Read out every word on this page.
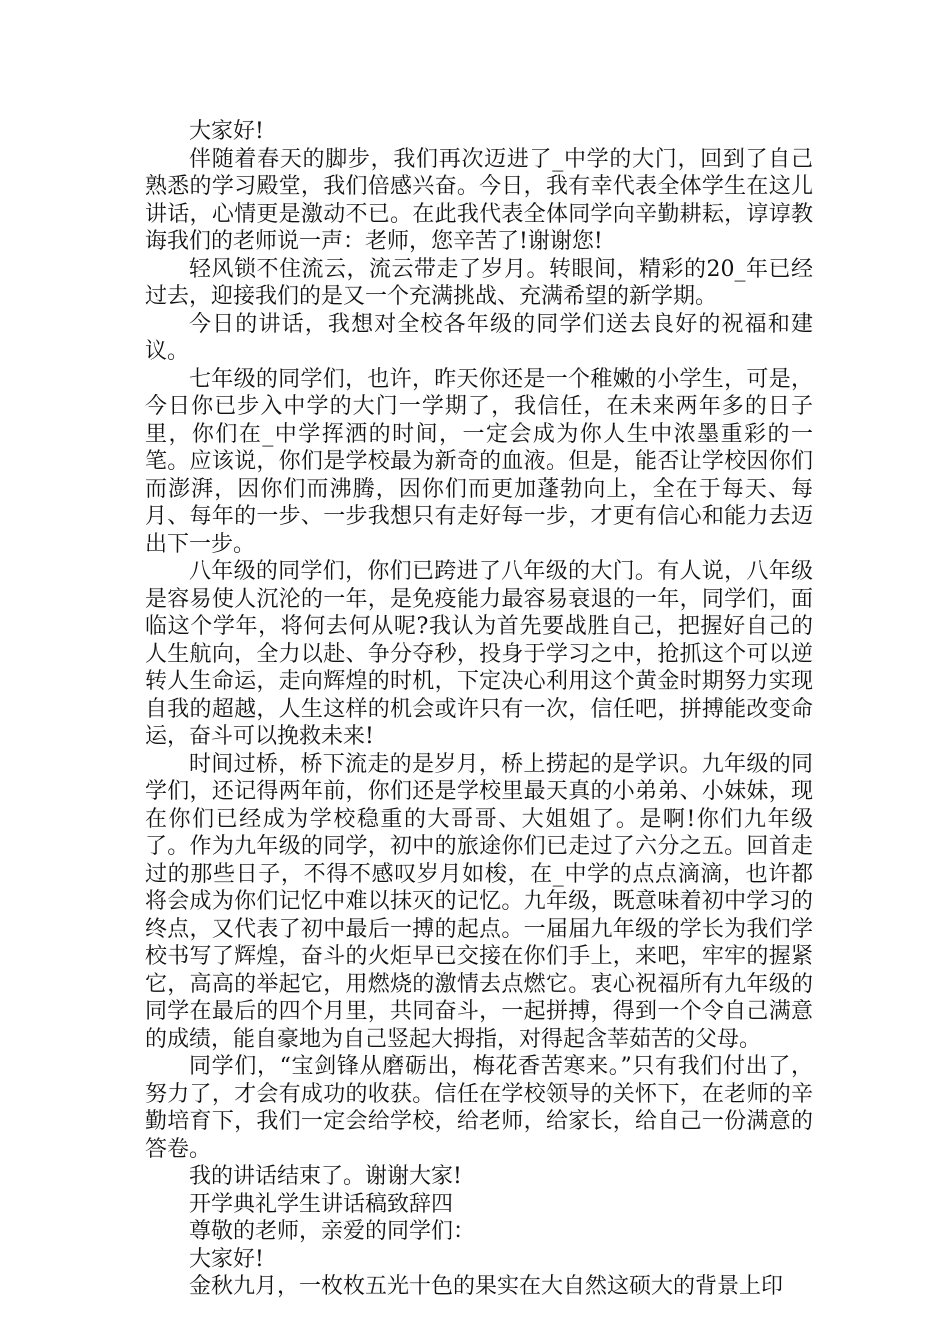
大家好!

伴随着春天的脚步，我们再次迈进了_中学的大门，回到了自己熟悉的学习殿堂，我们倍感兴奋。今日，我有幸代表全体学生在这儿讲话，心情更是激动不已。在此我代表全体同学向辛勤耕耘，谆谆教诲我们的老师说一声：老师，您辛苦了!谢谢您!

轻风锁不住流云，流云带走了岁月。转眼间，精彩的20_年已经过去，迎接我们的是又一个充满挑战、充满希望的新学期。

今日的讲话，我想对全校各年级的同学们送去良好的祝福和建议。

七年级的同学们，也许，昨天你还是一个稚嫩的小学生，可是，今日你已步入中学的大门一学期了，我信任，在未来两年多的日子里，你们在_中学挥洒的时间，一定会成为你人生中浓墨重彩的一笔。应该说，你们是学校最为新奇的血液。但是，能否让学校因你们而澎湃，因你们而沸腾，因你们而更加蓬勃向上，全在于每天、每月、每年的一步、一步我想只有走好每一步，才更有信心和能力去迈出下一步。

八年级的同学们，你们已跨进了八年级的大门。有人说，八年级是容易使人沉沦的一年，是免疫能力最容易衰退的一年，同学们，面临这个学年，将何去何从呢?我认为首先要战胜自己，把握好自己的人生航向，全力以赴、争分夺秒，投身于学习之中，抢抓这个可以逆转人生命运，走向辉煌的时机，下定决心利用这个黄金时期努力实现自我的超越，人生这样的机会或许只有一次，信任吧，拼搏能改变命运，奋斗可以挽救未来!

时间过桥，桥下流走的是岁月，桥上捞起的是学识。九年级的同学们，还记得两年前，你们还是学校里最天真的小弟弟、小妹妹，现在你们已经成为学校稳重的大哥哥、大姐姐了。是啊!你们九年级了。作为九年级的同学，初中的旅途你们已走过了六分之五。回首走过的那些日子，不得不感叹岁月如梭，在_中学的点点滴滴，也许都将会成为你们记忆中难以抹灭的记忆。九年级，既意味着初中学习的终点，又代表了初中最后一搏的起点。一届届九年级的学长为我们学校书写了辉煌，奋斗的火炬早已交接在你们手上，来吧，牢牢的握紧它，高高的举起它，用燃烧的激情去点燃它。衷心祝福所有九年级的同学在最后的四个月里，共同奋斗，一起拼搏，得到一个令自己满意的成绩，能自豪地为自己竖起大拇指，对得起含莘茹苦的父母。

同学们，“宝剑锋从磨砺出，梅花香苦寒来。”只有我们付出了，努力了，才会有成功的收获。信任在学校领导的关怀下，在老师的辛勤培育下，我们一定会给学校，给老师，给家长，给自己一份满意的答卷。

我的讲话结束了。谢谢大家!

开学典礼学生讲话稿致辞四

尊敬的老师，亲爱的同学们：

大家好!

金秋九月，一枚枚五光十色的果实在大自然这硕大的背景上印
